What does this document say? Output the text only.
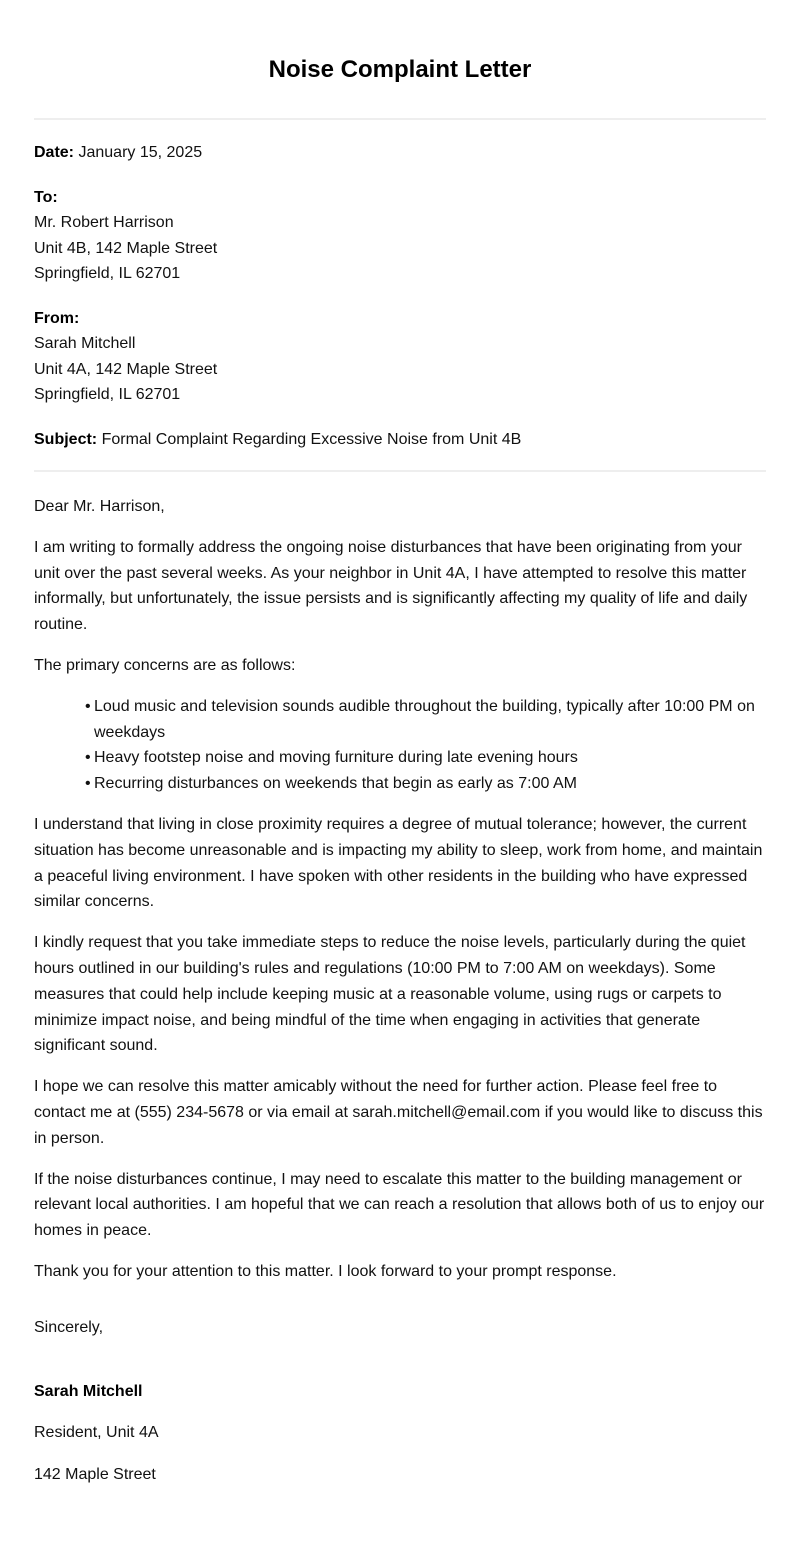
Noise Complaint Letter
Date: January 15, 2025
To:
Mr. Robert Harrison
Unit 4B, 142 Maple Street
Springfield, IL 62701
From:
Sarah Mitchell
Unit 4A, 142 Maple Street
Springfield, IL 62701
Subject: Formal Complaint Regarding Excessive Noise from Unit 4B

Dear Mr. Harrison,

I am writing to formally address the ongoing noise disturbances that have been originating from your unit over the past several weeks. As your neighbor in Unit 4A, I have attempted to resolve this matter informally, but unfortunately, the issue persists and is significantly affecting my quality of life and daily routine.

The primary concerns are as follows:

• Loud music and television sounds audible throughout the building, typically after 10:00 PM on weekdays
• Heavy footstep noise and moving furniture during late evening hours
• Recurring disturbances on weekends that begin as early as 7:00 AM

I understand that living in close proximity requires a degree of mutual tolerance; however, the current situation has become unreasonable and is impacting my ability to sleep, work from home, and maintain a peaceful living environment. I have spoken with other residents in the building who have expressed similar concerns.

I kindly request that you take immediate steps to reduce the noise levels, particularly during the quiet hours outlined in our building's rules and regulations (10:00 PM to 7:00 AM on weekdays). Some measures that could help include keeping music at a reasonable volume, using rugs or carpets to minimize impact noise, and being mindful of the time when engaging in activities that generate significant sound.

I hope we can resolve this matter amicably without the need for further action. Please feel free to contact me at (555) 234-5678 or via email at sarah.mitchell@email.com if you would like to discuss this in person.

If the noise disturbances continue, I may need to escalate this matter to the building management or relevant local authorities. I am hopeful that we can reach a resolution that allows both of us to enjoy our homes in peace.

Thank you for your attention to this matter. I look forward to your prompt response.

Sincerely,

Sarah Mitchell

Resident, Unit 4A

142 Maple Street
